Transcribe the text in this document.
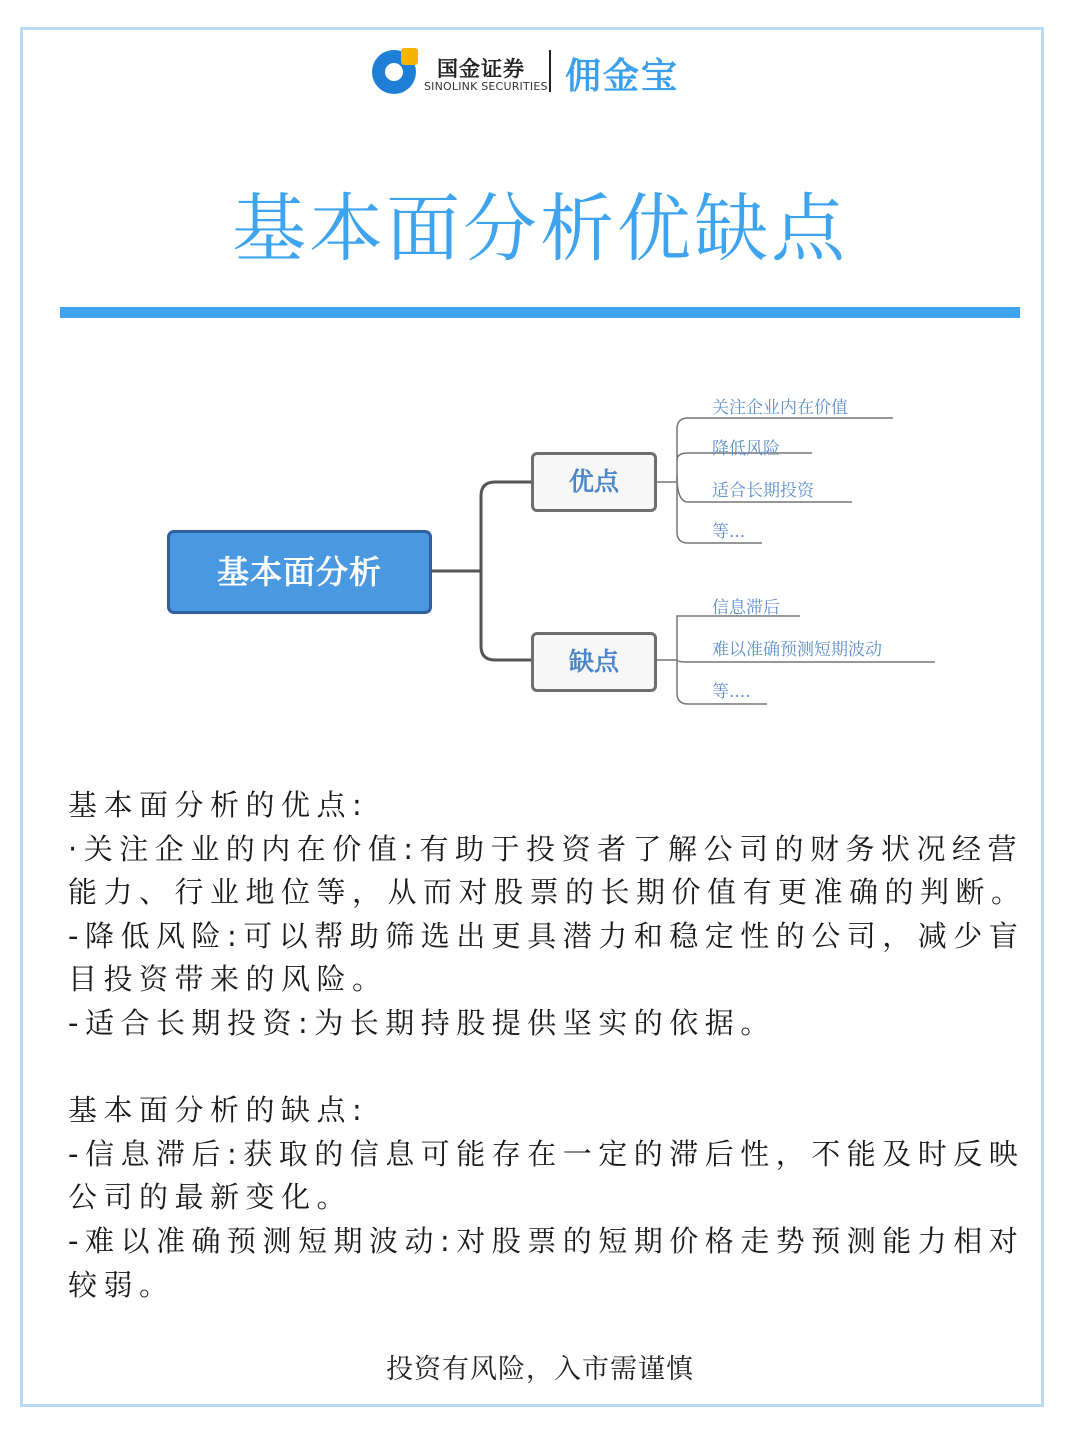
国金证券
SINOLINK SECURITIES 佣金宝
基本面分析优缺点
基本面分析
优点
缺点
关注企业内在价值
降低风险
适合长期投资
等...
信息滞后
难以准确预测短期波动
等....

基本面分析的优点:

·关注企业的内在价值:有助于投资者了解公司的财务状况经营

能力、行业地位等，从而对股票的长期价值有更准确的判断。

-降低风险:可以帮助筛选出更具潜力和稳定性的公司，减少盲

目投资带来的风险。

-适合长期投资:为长期持股提供坚实的依据。

基本面分析的缺点:

-信息滞后:获取的信息可能存在一定的滞后性，不能及时反映

公司的最新变化。

-难以准确预测短期波动:对股票的短期价格走势预测能力相对

较弱。

投资有风险，入市需谨慎
